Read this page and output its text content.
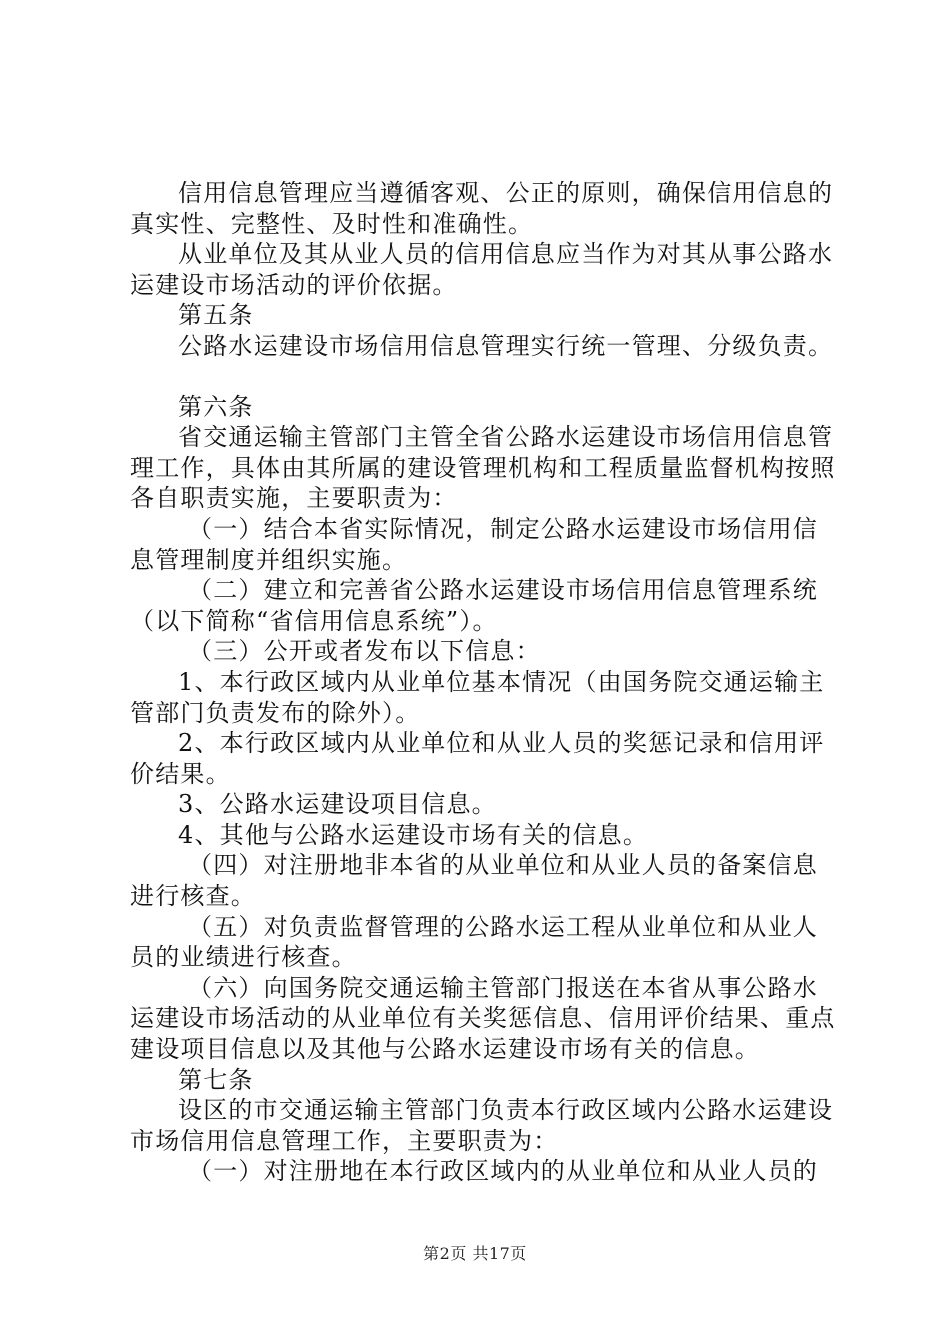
信用信息管理应当遵循客观、公正的原则，确保信用信息的真实性、完整性、及时性和准确性。

从业单位及其从业人员的信用信息应当作为对其从事公路水运建设市场活动的评价依据。

第五条

公路水运建设市场信用信息管理实行统一管理、分级负责。

第六条

省交通运输主管部门主管全省公路水运建设市场信用信息管理工作，具体由其所属的建设管理机构和工程质量监督机构按照各自职责实施，主要职责为：

（一）结合本省实际情况，制定公路水运建设市场信用信息管理制度并组织实施。

（二）建立和完善省公路水运建设市场信用信息管理系统（以下简称“省信用信息系统”）。

（三）公开或者发布以下信息：

1、本行政区域内从业单位基本情况（由国务院交通运输主管部门负责发布的除外）。

2、本行政区域内从业单位和从业人员的奖惩记录和信用评价结果。

3、公路水运建设项目信息。

4、其他与公路水运建设市场有关的信息。

（四）对注册地非本省的从业单位和从业人员的备案信息进行核查。

（五）对负责监督管理的公路水运工程从业单位和从业人员的业绩进行核查。

（六）向国务院交通运输主管部门报送在本省从事公路水运建设市场活动的从业单位有关奖惩信息、信用评价结果、重点建设项目信息以及其他与公路水运建设市场有关的信息。

第七条

设区的市交通运输主管部门负责本行政区域内公路水运建设市场信用信息管理工作，主要职责为：

（一）对注册地在本行政区域内的从业单位和从业人员的

第2页 共17页
